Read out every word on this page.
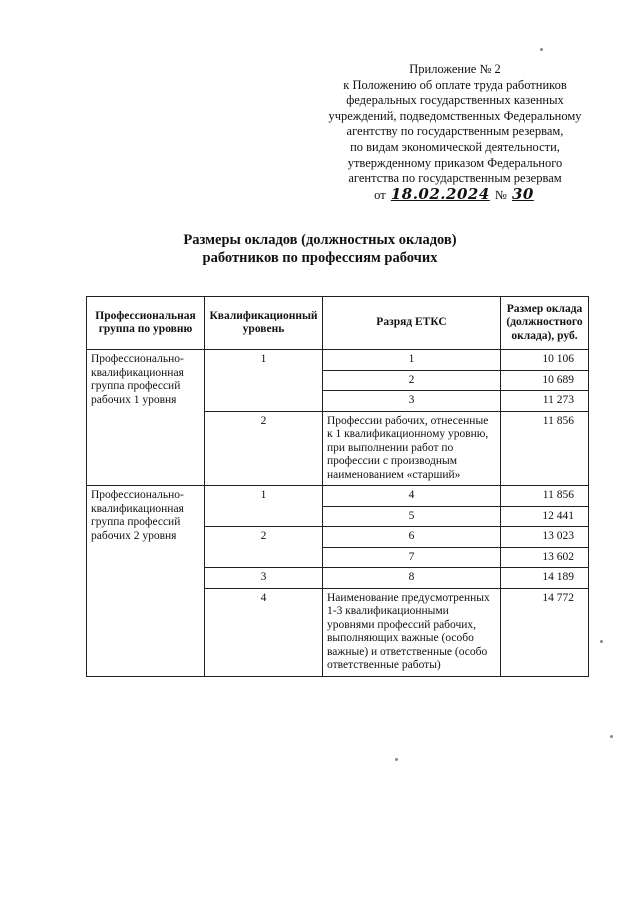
Приложение № 2
к Положению об оплате труда работников
федеральных государственных казенных
учреждений, подведомственных Федеральному
агентству по государственным резервам,
по видам экономической деятельности,
утвержденному приказом Федерального
агентства по государственным резервам
от 18.02.2024 № 30
Размеры окладов (должностных окладов)
работников по профессиям рабочих
Профессиональная группа по уровню	Квалификационный уровень	Разряд ЕТКС	Размер оклада (должностного оклада), руб.
Профессионально-квалификационная группа профессий рабочих 1 уровня	1	1	10 106
		2	10 689
		3	11 273
	2	Профессии рабочих, отнесенные к 1 квалификационному уровню, при выполнении работ по профессии с производным наименованием «старший»	11 856
Профессионально-квалификационная группа профессий рабочих 2 уровня	1	4	11 856
		5	12 441
	2	6	13 023
		7	13 602
	3	8	14 189
	4	Наименование предусмотренных 1-3 квалификационными уровнями профессий рабочих, выполняющих важные (особо важные) и ответственные (особо ответственные работы)	14 772
